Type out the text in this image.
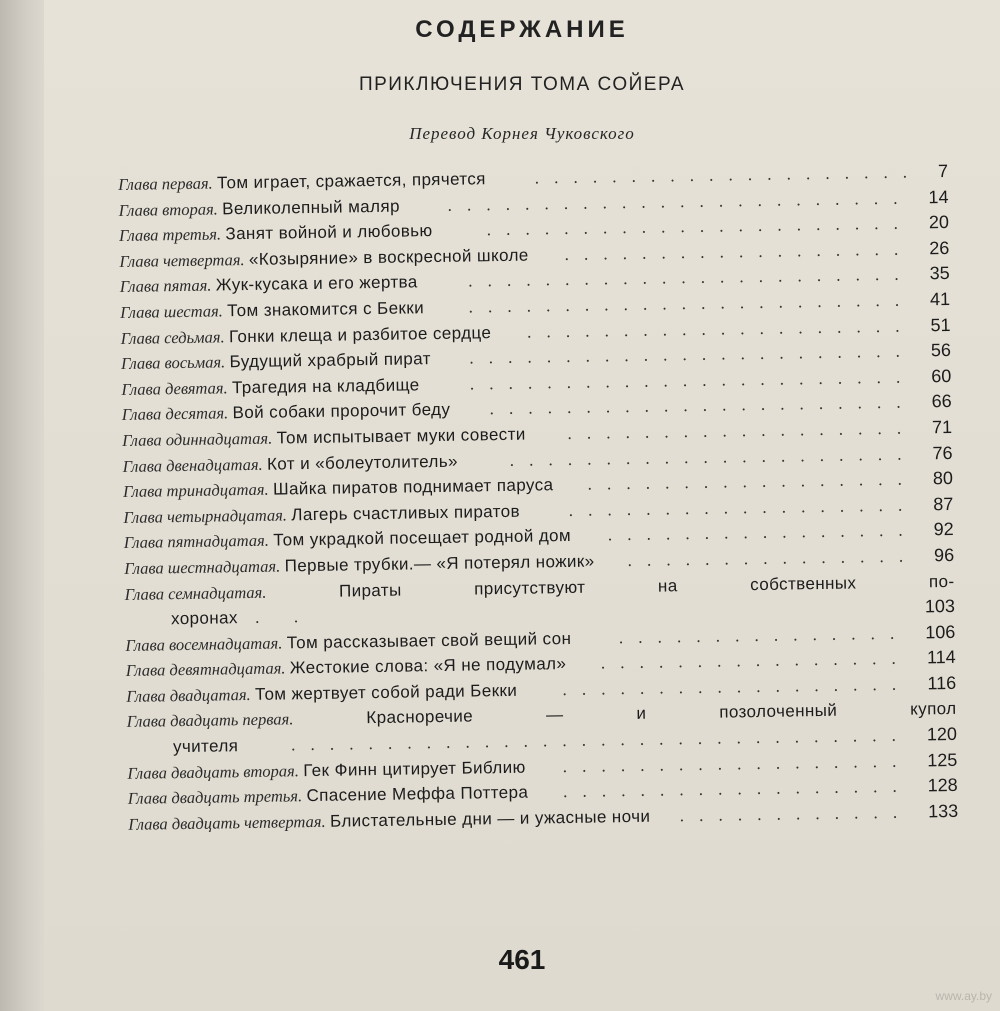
СОДЕРЖАНИЕ
ПРИКЛЮЧЕНИЯ ТОМА СОЙЕРА
Перевод Корнея Чуковского
Глава первая. Том играет, сражается, прячется	.................... 7
Глава вторая. Великолепный маляр	........................ 14
Глава третья. Занят войной и любовью	...................... 20
Глава четвертая. «Козыряние» в воскресной школе .................. 26
Глава пятая. Жук-кусака и его жертва	....................... 35
Глава шестая. Том знакомится с Бекки	....................... 41
Глава седьмая. Гонки клеща и разбитое сердце .................... 51
Глава восьмая. Будущий храбрый пират ....................... 56
Глава девятая. Трагедия на кладбище	....................... 60
Глава десятая. Вой собаки пророчит беду ...................... 66
Глава одиннадцатая. Том испытывает муки совести .................. 71
Глава двенадцатая. Кот и «болеутолитель»	..................... 76
Глава тринадцатая. Шайка пиратов поднимает паруса ................. 80
Глава четырнадцатая. Лагерь счастливых пиратов	.................. 87
Глава пятнадцатая. Том украдкой посещает родной дом ................ 92
Глава шестнадцатая. Первые трубки.— «Я потерял ножик» ............... 96
Глава семнадцатая.	Пираты	присутствуют	на	собственных	по-
хоронах . .	103
Глава восемнадцатая. Том рассказывает свой вещий сон	............... 106
Глава девятнадцатая. Жестокие слова: «Я не подумал» ................ 114
Глава двадцатая. Том жертвует собой ради Бекки	.................. 116
Глава двадцать первая.	Красноречие	—	и	позолоченный	купол
учителя	................................ 120
Глава двадцать вторая. Гек Финн цитирует Библию .................. 125
Глава двадцать третья. Спасение Меффа Поттера .................. 128
Глава двадцать четвертая. Блистательные дни — и ужасные ночи ............ 133
461
www.ay.by
